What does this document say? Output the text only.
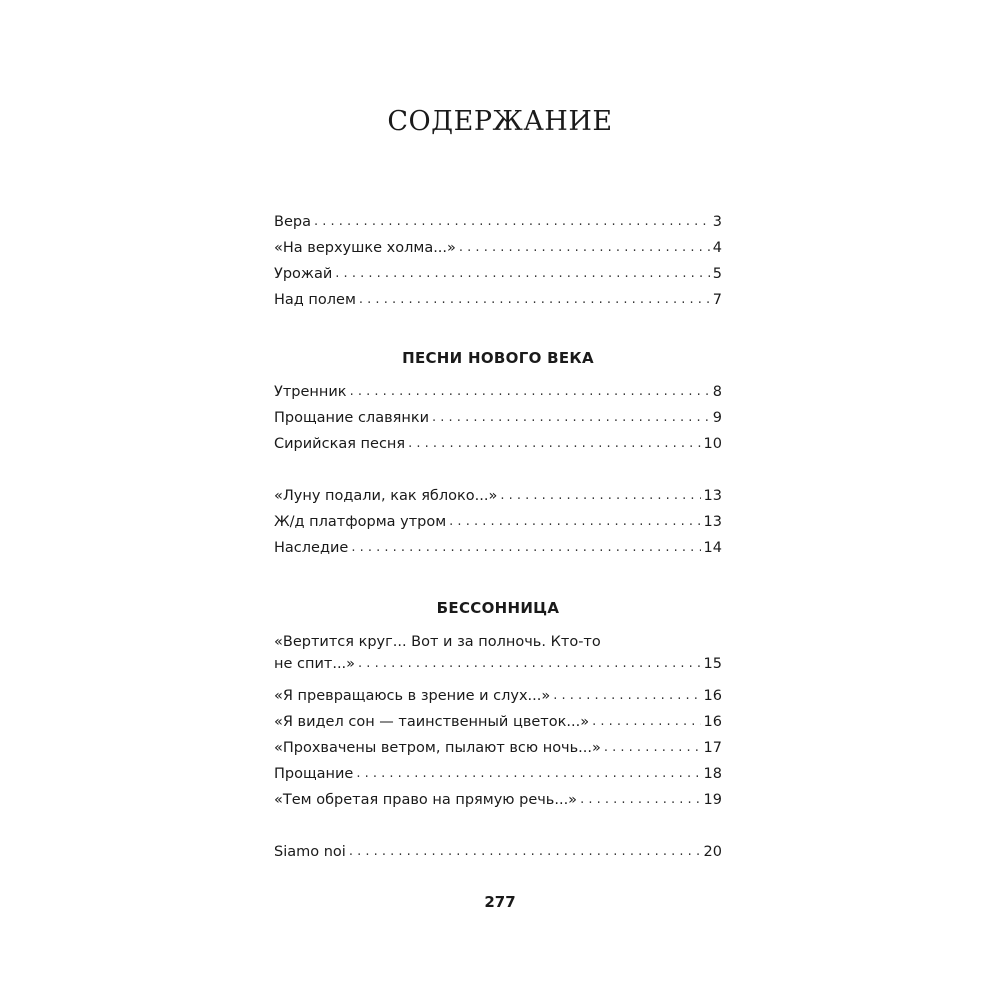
СОДЕРЖАНИЕ
Вера . . .	3
«На верхушке холма...» . . .	4
Урожай . . .	5
Над полем . . .	7
ПЕСНИ НОВОГО ВЕКА
Утренник . . .	8
Прощание славянки . . .	9
Сирийская песня . . .	10
«Луну подали, как яблоко...» . . .	13
Ж/д платформа утром . . .	13
Наследие . . .	14
БЕССОННИЦА
«Вертится круг... Вот и за полночь. Кто-то
не спит...» . . .	15
«Я превращаюсь в зрение и слух...» . . .	16
«Я видел сон — таинственный цветок...» . . .	16
«Прохвачены ветром, пылают всю ночь...» . . .	17
Прощание . . .	18
«Тем обретая право на прямую речь...» . . .	19
Siamo noi . . .	20
277
